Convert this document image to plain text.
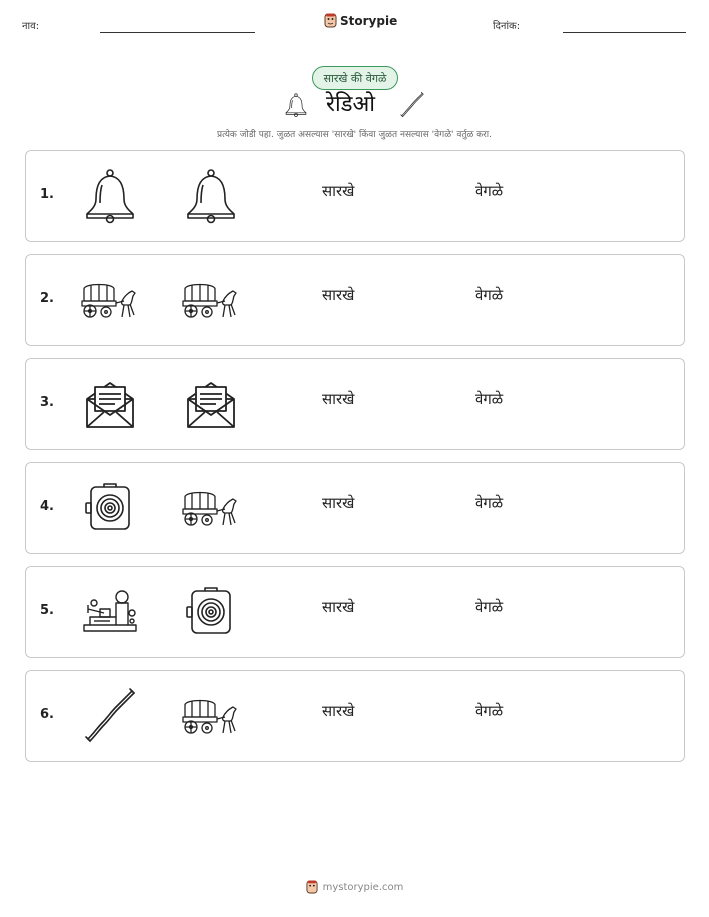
नाव:	Storypie	दिनांक:
सारखे की वेगळे
रेडिओ
प्रत्येक जोडी पहा. जुळत असल्यास 'सारखे' किंवा जुळत नसल्यास 'वेगळे' वर्तुळ करा.
1.	सारखे	वेगळे
2.	सारखे	वेगळे
3.	सारखे	वेगळे
4.	सारखे	वेगळे
5.	सारखे	वेगळे
6.	सारखे	वेगळे
mystorypie.com
